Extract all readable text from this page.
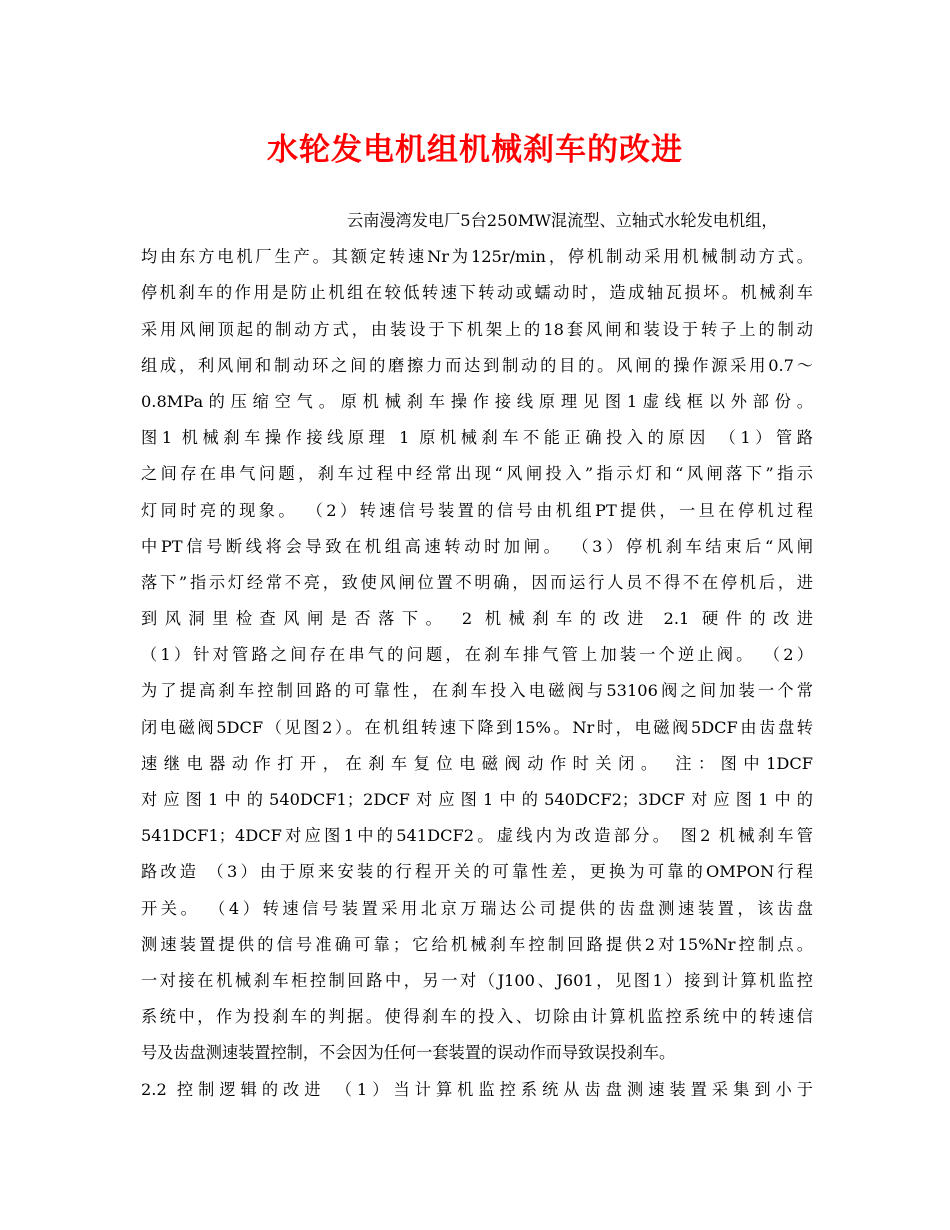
水轮发电机组机械刹车的改进
云南漫湾发电厂5台250MW混流型、立轴式水轮发电机组，
均由东方电机厂生产。其额定转速Nr为125r/min，停机制动采用机械制动方式。
停机刹车的作用是防止机组在较低转速下转动或蠕动时，造成轴瓦损坏。机械刹车
采用风闸顶起的制动方式，由装设于下机架上的18套风闸和装设于转子上的制动
组成，利风闸和制动环之间的磨擦力而达到制动的目的。风闸的操作源采用0.7～
0.8MPa 的 压 缩 空 气 。 原 机 械 刹 车 操 作 接 线 原 理 见 图 1 虚 线 框 以 外 部 份 。
图1 机械刹车操作接线原理 1 原机械刹车不能正确投入的原因 （1）管路
之间存在串气问题，刹车过程中经常出现“风闸投入”指示灯和“风闸落下”指示
灯同时亮的现象。 （2）转速信号装置的信号由机组PT提供，一旦在停机过程
中PT信号断线将会导致在机组高速转动时加闸。 （3）停机刹车结束后“风闸
落下”指示灯经常不亮，致使风闸位置不明确，因而运行人员不得不在停机后，进
到风洞里检查风闸是否落下。 2 机械刹车的改进 2.1 硬件的改进
（1）针对管路之间存在串气的问题，在刹车排气管上加装一个逆止阀。 （2）
为了提高刹车控制回路的可靠性，在刹车投入电磁阀与53106阀之间加装一个常
闭电磁阀5DCF（见图2）。在机组转速下降到15%。Nr时，电磁阀5DCF由齿盘转
速继电器动作打开，在刹车复位电磁阀动作时关闭。 注：图中1DCF
对应图1中的540DCF1；2DCF对应图1中的540DCF2；3DCF对应图1中的
541DCF1；4DCF对应图1中的541DCF2。虚线内为改造部分。 图2 机械刹车管
路改造 （3）由于原来安装的行程开关的可靠性差，更换为可靠的OMPON行程
开关。 （4）转速信号装置采用北京万瑞达公司提供的齿盘测速装置，该齿盘
测速装置提供的信号准确可靠；它给机械刹车控制回路提供2对15%Nr控制点。
一对接在机械刹车柜控制回路中，另一对（J100、J601，见图1）接到计算机监控
系统中，作为投刹车的判据。使得刹车的投入、切除由计算机监控系统中的转速信
号及齿盘测速装置控制，不会因为任何一套装置的误动作而导致误投刹车。
2.2 控制逻辑的改进 （1）当计算机监控系统从齿盘测速装置采集到小于
